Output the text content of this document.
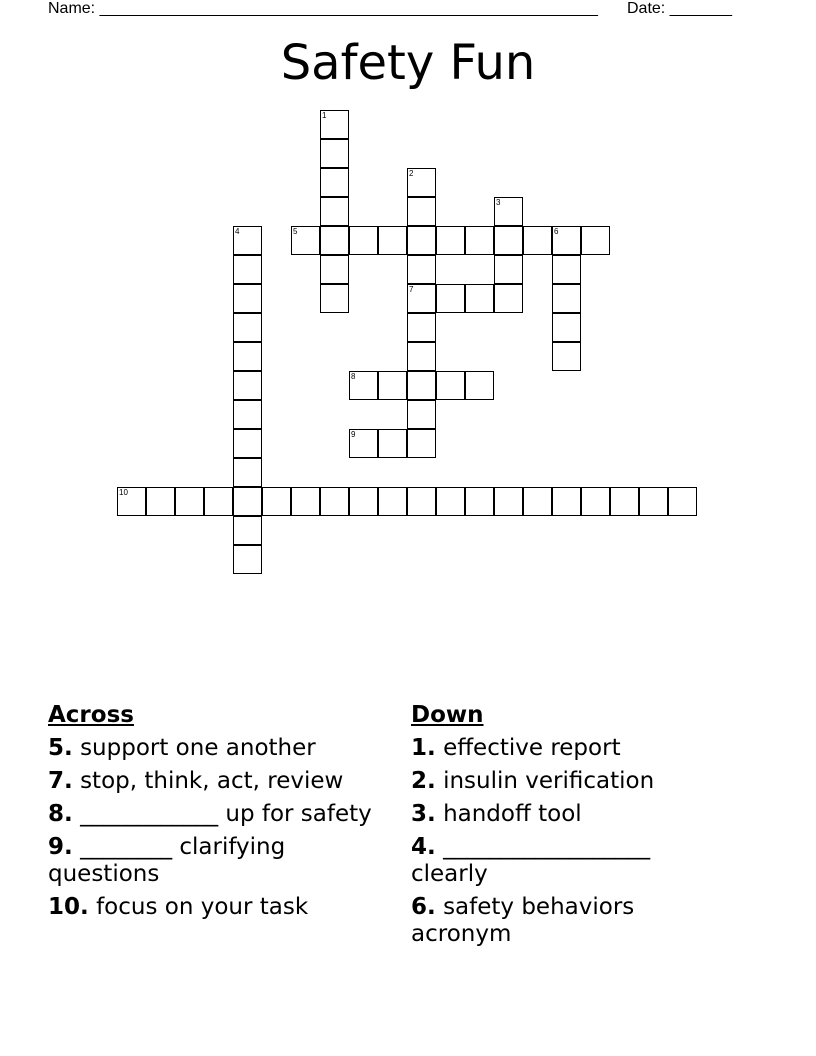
Name: ________________________________________________________ Date: _______
Safety Fun
1
2
7
3
4	5	6
8
9
10
Across
5. support one another
7. stop, think, act, review
8. ____________ up for safety
9. ________ clarifying questions
10. focus on your task
Down
1. effective report
2. insulin verification
3. handoff tool
4. __________________ clearly
6. safety behaviors acronym
